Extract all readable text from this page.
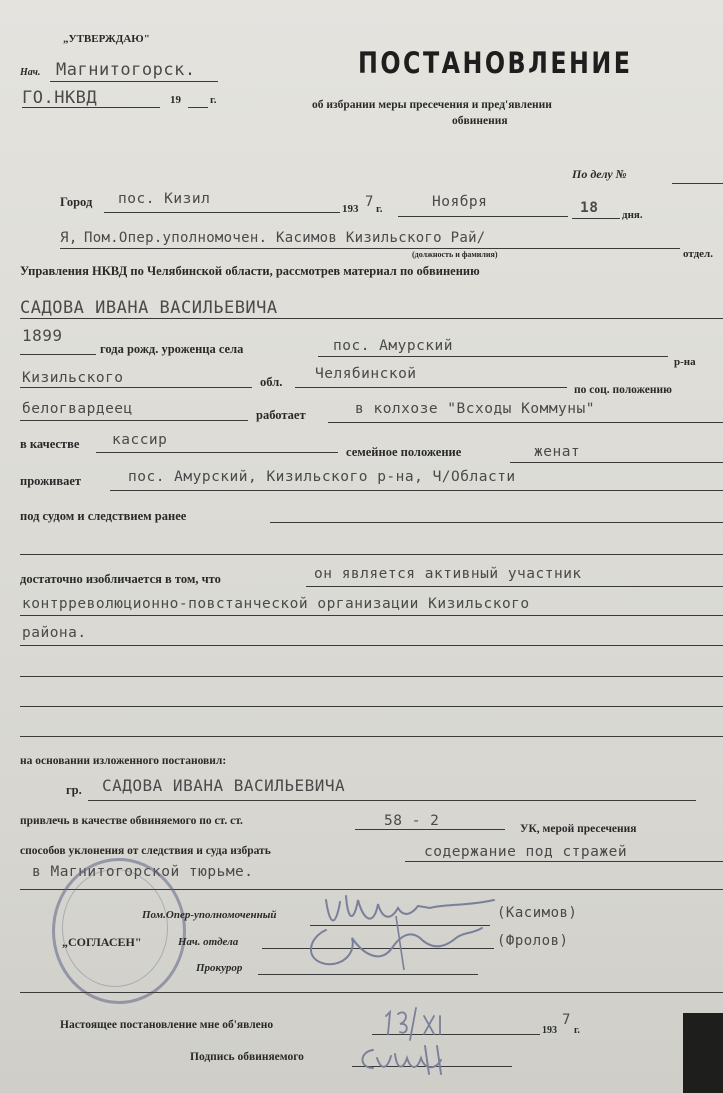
„УТВЕРЖДАЮ"
Нач. Магнитогорск.
ГО.НКВД	19	г.
ПОСТАНОВЛЕНИЕ
об избрании меры пресечения и пред'явлении
обвинения
По делу №
Город пос. Кизил
193 7 г.	Ноября	18 дня.
Я, Пом.Опер.уполномочен. Касимов Кизильского Рай/
(должность и фамилия)	отдел.
Управления НКВД по Челябинской области, рассмотрев материал по обвинению
САДОВА ИВАНА ВАСИЛЬЕВИЧА
1899
года рожд. уроженца села	пос. Амурский
р-на
Кизильского	обл. Челябинской
по соц. положению
белогвардеец	работает	в колхозе "Всходы Коммуны"
в качестве кассир
семейное положение	женат
проживает	пос. Амурский, Кизильского р-на, Ч/Области
под судом и следствием ранее
достаточно изобличается в том, что	он является активный участник
контрреволюционно-повстанческой организации Кизильского
района.
на основании изложенного постановил:
гр. САДОВА ИВАНА ВАСИЛЬЕВИЧА
привлечь в качестве обвиняемого по ст. ст.	58 - 2	УК, мерой пресечения
способов уклонения от следствия и суда избрать	содержание под стражей
в Магнитогорской тюрьме.
Пом.Опер-уполномоченный	(Касимов)
„СОГЛАСЕН"	Нач. отдела	(Фролов)
Прокурор
Настоящее постановление мне об'явлено	193
7
г.
Подпись обвиняемого
